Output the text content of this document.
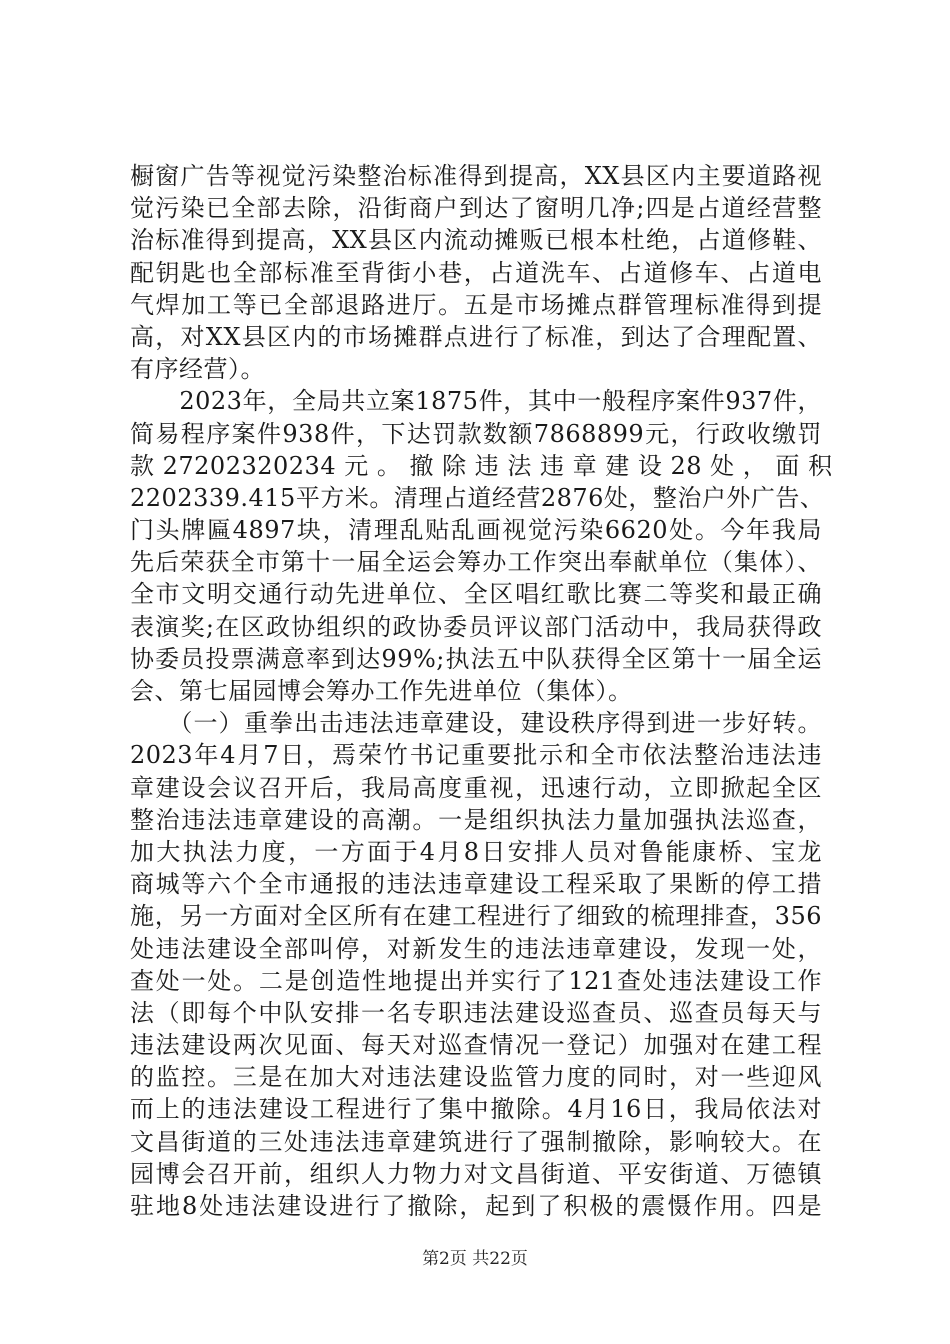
橱窗广告等视觉污染整治标准得到提高，XX县区内主要道路视

觉污染已全部去除，沿街商户到达了窗明几净;四是占道经营整

治标准得到提高，XX县区内流动摊贩已根本杜绝，占道修鞋、

配钥匙也全部标准至背街小巷，占道洗车、占道修车、占道电

气焊加工等已全部退路进厅。五是市场摊点群管理标准得到提

高，对XX县区内的市场摊群点进行了标准，到达了合理配置、

有序经营）。

　　2023年，全局共立案1875件，其中一般程序案件937件，

简易程序案件938件，下达罚款数额7868899元，行政收缴罚

款 27202320234 元 。 撤 除 违 法 违 章 建 设 28 处 ， 面 积

2202339.415平方米。清理占道经营2876处，整治户外广告、

门头牌匾4897块，清理乱贴乱画视觉污染6620处。今年我局

先后荣获全市第十一届全运会筹办工作突出奉献单位（集体）、

全市文明交通行动先进单位、全区唱红歌比赛二等奖和最正确

表演奖;在区政协组织的政协委员评议部门活动中，我局获得政

协委员投票满意率到达99%;执法五中队获得全区第十一届全运

会、第七届园博会筹办工作先进单位（集体）。

　　（一）重拳出击违法违章建设，建设秩序得到进一步好转。

2023年4月7日，焉荣竹书记重要批示和全市依法整治违法违

章建设会议召开后，我局高度重视，迅速行动，立即掀起全区

整治违法违章建设的高潮。一是组织执法力量加强执法巡查，

加大执法力度，一方面于4月8日安排人员对鲁能康桥、宝龙

商城等六个全市通报的违法违章建设工程采取了果断的停工措

施，另一方面对全区所有在建工程进行了细致的梳理排查，356

处违法建设全部叫停，对新发生的违法违章建设，发现一处，

查处一处。二是创造性地提出并实行了121查处违法建设工作

法（即每个中队安排一名专职违法建设巡查员、巡查员每天与

违法建设两次见面、每天对巡查情况一登记）加强对在建工程

的监控。三是在加大对违法建设监管力度的同时，对一些迎风

而上的违法建设工程进行了集中撤除。4月16日，我局依法对

文昌街道的三处违法违章建筑进行了强制撤除，影响较大。在

园博会召开前，组织人力物力对文昌街道、平安街道、万德镇

驻地8处违法建设进行了撤除，起到了积极的震慑作用。四是

第2页 共22页
